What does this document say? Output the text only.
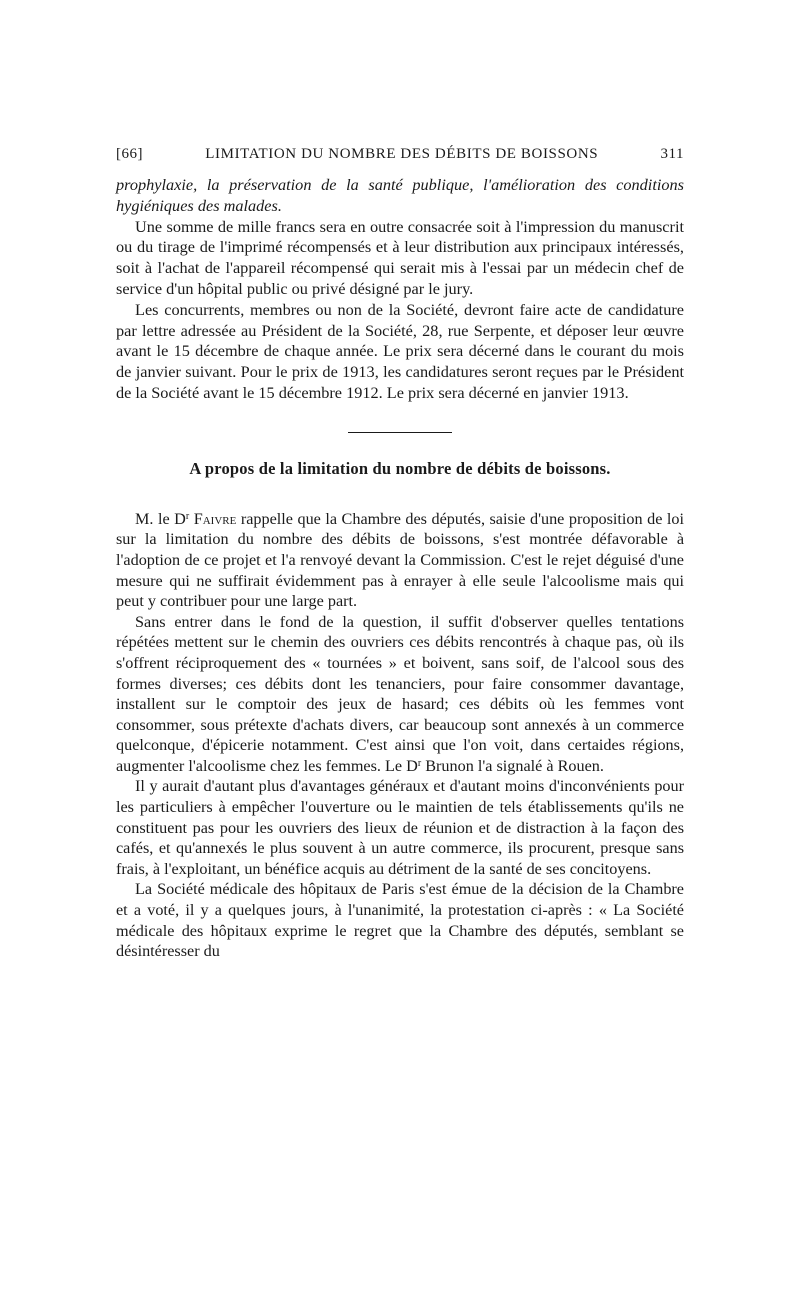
[66]	LIMITATION DU NOMBRE DES DÉBITS DE BOISSONS	311

prophylaxie, la préservation de la santé publique, l'amélioration des conditions hygiéniques des malades.

Une somme de mille francs sera en outre consacrée soit à l'impression du manuscrit ou du tirage de l'imprimé récompensés et à leur distribution aux principaux intéressés, soit à l'achat de l'appareil récompensé qui serait mis à l'essai par un médecin chef de service d'un hôpital public ou privé désigné par le jury.

Les concurrents, membres ou non de la Société, devront faire acte de candidature par lettre adressée au Président de la Société, 28, rue Serpente, et déposer leur œuvre avant le 15 décembre de chaque année. Le prix sera décerné dans le courant du mois de janvier suivant. Pour le prix de 1913, les candidatures seront reçues par le Président de la Société avant le 15 décembre 1912. Le prix sera décerné en janvier 1913.

A propos de la limitation du nombre de débits de boissons.

M. le $D^r$ Faivre rappelle que la Chambre des députés, saisie d'une proposition de loi sur la limitation du nombre des débits de boissons, s'est montrée défavorable à l'adoption de ce projet et l'a renvoyé devant la Commission. C'est le rejet déguisé d'une mesure qui ne suffirait évidemment pas à enrayer à elle seule l'alcoolisme mais qui peut y contribuer pour une large part.

Sans entrer dans le fond de la question, il suffit d'observer quelles tentations répétées mettent sur le chemin des ouvriers ces débits rencontrés à chaque pas, où ils s'offrent réciproquement des « tournées » et boivent, sans soif, de l'alcool sous des formes diverses; ces débits dont les tenanciers, pour faire consommer davantage, installent sur le comptoir des jeux de hasard; ces débits où les femmes vont consommer, sous prétexte d'achats divers, car beaucoup sont annexés à un commerce quelconque, d'épicerie notamment. C'est ainsi que l'on voit, dans certaides régions, augmenter l'alcoolisme chez les femmes. Le $D^r$ Brunon l'a signalé à Rouen.

Il y aurait d'autant plus d'avantages généraux et d'autant moins d'inconvénients pour les particuliers à empêcher l'ouverture ou le maintien de tels établissements qu'ils ne constituent pas pour les ouvriers des lieux de réunion et de distraction à la façon des cafés, et qu'annexés le plus souvent à un autre commerce, ils procurent, presque sans frais, à l'exploitant, un bénéfice acquis au détriment de la santé de ses concitoyens.

La Société médicale des hôpitaux de Paris s'est émue de la décision de la Chambre et a voté, il y a quelques jours, à l'unanimité, la protestation ci-après : « La Société médicale des hôpitaux exprime le regret que la Chambre des députés, semblant se désintéresser du
